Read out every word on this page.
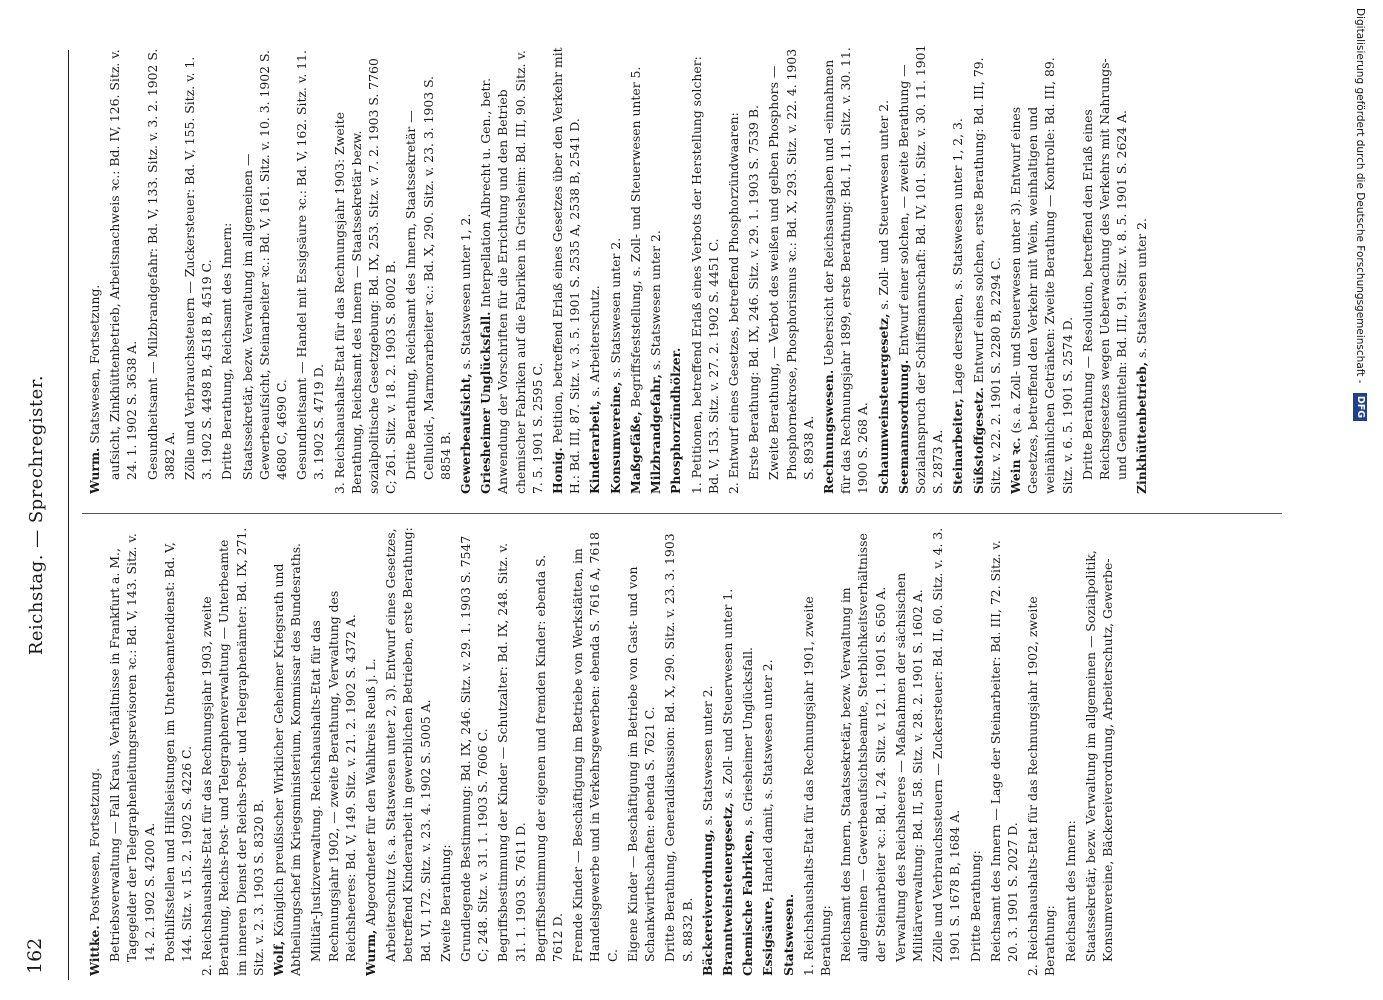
162
Reichstag. — Sprechregister.
Wittke. Postwesen, Fortsetzung. Betriebsverwaltung — Fall Kraus, Verhältnisse in Frankfurt a. M., Tagegelder der Telegraphenleitungsrevisoren ꝛc.: Bd. V, 143. Sitz. v. 14. 2. 1902 S. 4200 A. Posthilfsstellen und Hilfsleistungen im Unterbeamtendienst: Bd. V, 144. Sitz. v. 15. 2. 1902 S. 4226 C. 2. Reichshaushalts-Etat für das Rechnungsjahr 1903, zweite Berathung, Reichs-Post- und Telegraphenverwaltung — Unterbeamte im inneren Dienst der Reichs-Post- und Telegraphenämter: Bd. IX, 271. Sitz. v. 2. 3. 1903 S. 8320 B. Wolf, Königlich preußischer Wirklicher Geheimer Kriegsrath und Abtheilungschef im Kriegsministerium, Kommissar des Bundesraths. Militär-Justizverwaltung. Reichshaushalts-Etat für das Rechnungsjahr 1902, — zweite Berathung, Verwaltung des Reichsheeres: Bd. V, 149. Sitz. v. 21. 2. 1902 S. 4372 A. Wurm, Abgeordneter für den Wahlkreis Reuß j. L. Arbeiterschutz (s. a. Statswesen unter 2, 3). Entwurf eines Gesetzes, betreffend Kinderarbeit in gewerblichen Betrieben, erste Berathung: Bd. VI, 172. Sitz. v. 23. 4. 1902 S. 5005 A. Zweite Berathung: Grundlegende Bestimmung: Bd. IX, 246. Sitz. v. 29. 1. 1903 S. 7547 C; 248. Sitz. v. 31. 1. 1903 S. 7606 C. Begriffsbestimmung der Kinder — Schutzalter: Bd. IX, 248. Sitz. v. 31. 1. 1903 S. 7611 D. Begriffsbestimmung der eigenen und fremden Kinder: ebenda S. 7612 D. Fremde Kinder — Beschäftigung im Betriebe von Werkstätten, im Handelsgewerbe und in Verkehrsgewerben: ebenda S. 7616 A, 7618 C. Eigene Kinder — Beschäftigung im Betriebe von Gast- und von Schankwirthschaften: ebenda S. 7621 C. Dritte Berathung, Generaldiskussion: Bd. X, 290. Sitz. v. 23. 3. 1903 S. 8832 B. Bäckereiverordnung, s. Statswesen unter 2.
Branntweinsteuergesetz, s. Zoll- und Steuerwesen unter 1.
Chemische Fabriken, s. Griesheimer Unglücksfall.
Essigsäure, Handel damit, s. Statswesen unter 2.
Statswesen. 1. Reichshaushalts-Etat für das Rechnungsjahr 1901, zweite Berathung: Reichsamt des Innern, Staatssekretär, bezw. Verwaltung im allgemeinen — Gewerbeaufsichtsbeamte, Sterblichkeitsverhältnisse der Steinarbeiter ꝛc.: Bd. I, 24. Sitz. v. 12. 1. 1901 S. 650 A. Verwaltung des Reichsheeres — Maßnahmen der sächsischen Militärverwaltung: Bd. II, 58. Sitz. v. 28. 2. 1901 S. 1602 A. Zölle und Verbrauchssteuern — Zuckersteuer: Bd. II, 60. Sitz. v. 4. 3. 1901 S. 1678 B, 1684 A. Dritte Berathung: Reichsamt des Innern — Lage der Steinarbeiter: Bd. III, 72. Sitz. v. 20. 3. 1901 S. 2027 D. 2. Reichshaushalts-Etat für das Rechnungsjahr 1902, zweite Berathung: Reichsamt des Innern: Staatssekretär, bezw. Verwaltung im allgemeinen — Sozialpolitik, Konsumvereine, Bäckereiverordnung, Arbeiterschutz, Gewerbe-
Wurm. Statswesen, Fortsetzung. aufsicht, Zinkhüttenbetrieb, Arbeitsnachweis ꝛc.: Bd. IV, 126. Sitz. v. 24. 1. 1902 S. 3638 A. Gesundheitsamt — Milzbrandgefahr: Bd. V, 133. Sitz. v. 3. 2. 1902 S. 3882 A. Zölle und Verbrauchssteuern — Zuckersteuer: Bd. V, 155. Sitz. v. 1. 3. 1902 S. 4498 B, 4518 B, 4519 C. Dritte Berathung, Reichsamt des Innern: Staatssekretär, bezw. Verwaltung im allgemeinen — Gewerbeaufsicht, Steinarbeiter ꝛc.: Bd. V, 161. Sitz. v. 10. 3. 1902 S. 4680 C, 4690 C. Gesundheitsamt — Handel mit Essigsäure ꝛc.: Bd. V, 162. Sitz. v. 11. 3. 1902 S. 4719 D. 3. Reichshaushalts-Etat für das Rechnungsjahr 1903: Zweite Berathung, Reichsamt des Innern — Staatssekretär bezw. sozialpolitische Gesetzgebung: Bd. IX, 253. Sitz. v. 7. 2. 1903 S. 7760 C; 261. Sitz. v. 18. 2. 1903 S. 8002 B. Dritte Berathung, Reichsamt des Innern, Staatssekretär — Celluloid-, Marmorarbeiter ꝛc.: Bd. X, 290. Sitz. v. 23. 3. 1903 S. 8854 B. Gewerbeaufsicht, s. Statswesen unter 1, 2.
Griesheimer Unglücksfall. Interpellation Albrecht u. Gen., betr. Anwendung der Vorschriften für die Errichtung und den Betrieb chemischer Fabriken auf die Fabriken in Griesheim: Bd. III, 90. Sitz. v. 7. 5. 1901 S. 2595 C. Honig. Petition, betreffend Erlaß eines Gesetzes über den Verkehr mit H.: Bd. III, 87. Sitz. v. 3. 5. 1901 S. 2535 A, 2538 B, 2541 D. Kinderarbeit, s. Arbeiterschutz.
Konsumvereine, s. Statswesen unter 2.
Maßgefäße, Begriffsfeststellung, s. Zoll- und Steuerwesen unter 5.
Milzbrandgefahr, s. Statswesen unter 2.
Phosphorzündhölzer. 1. Petitionen, betreffend Erlaß eines Verbots der Herstellung solcher: Bd. V, 153. Sitz. v. 27. 2. 1902 S. 4451 C. 2. Entwurf eines Gesetzes, betreffend Phosphorzündwaaren: Erste Berathung: Bd. IX, 246. Sitz. v. 29. 1. 1903 S. 7539 B. Zweite Berathung, — Verbot des weißen und gelben Phosphors — Phosphornekrose, Phosphorismus ꝛc.: Bd. X, 293. Sitz. v. 22. 4. 1903 S. 8938 A. Rechnungswesen. Uebersicht der Reichsausgaben und -einnahmen für das Rechnungsjahr 1899, erste Berathung: Bd. I, 11. Sitz. v. 30. 11. 1900 S. 268 A. Schaumweinsteuergesetz, s. Zoll- und Steuerwesen unter 2.
Seemannsordnung. Entwurf einer solchen, — zweite Berathung — Sozialanspruch der Schiffsmannschaft: Bd. IV, 101. Sitz. v. 30. 11. 1901 S. 2873 A. Steinarbeiter, Lage derselben, s. Statswesen unter 1, 2, 3.
Süßstoffgesetz. Entwurf eines solchen, erste Berathung: Bd. III, 79. Sitz. v. 22. 2. 1901 S. 2280 B, 2294 C. Wein ꝛc. (s. a. Zoll- und Steuerwesen unter 3). Entwurf eines Gesetzes, betreffend den Verkehr mit Wein, weinhaltigen und weinähnlichen Getränken: Zweite Berathung — Kontrolle: Bd. III, 89. Sitz. v. 6. 5. 1901 S. 2574 D. Dritte Berathung — Resolution, betreffend den Erlaß eines Reichsgesetzes wegen Ueberwachung des Verkehrs mit Nahrungs- und Genußmitteln: Bd. III, 91. Sitz. v. 8. 5. 1901 S. 2624 A. Zinkhüttenbetrieb, s. Statswesen unter 2.	Digitalisierung gefördert durch die Deutsche Forschungsgemeinschaft - DFG
